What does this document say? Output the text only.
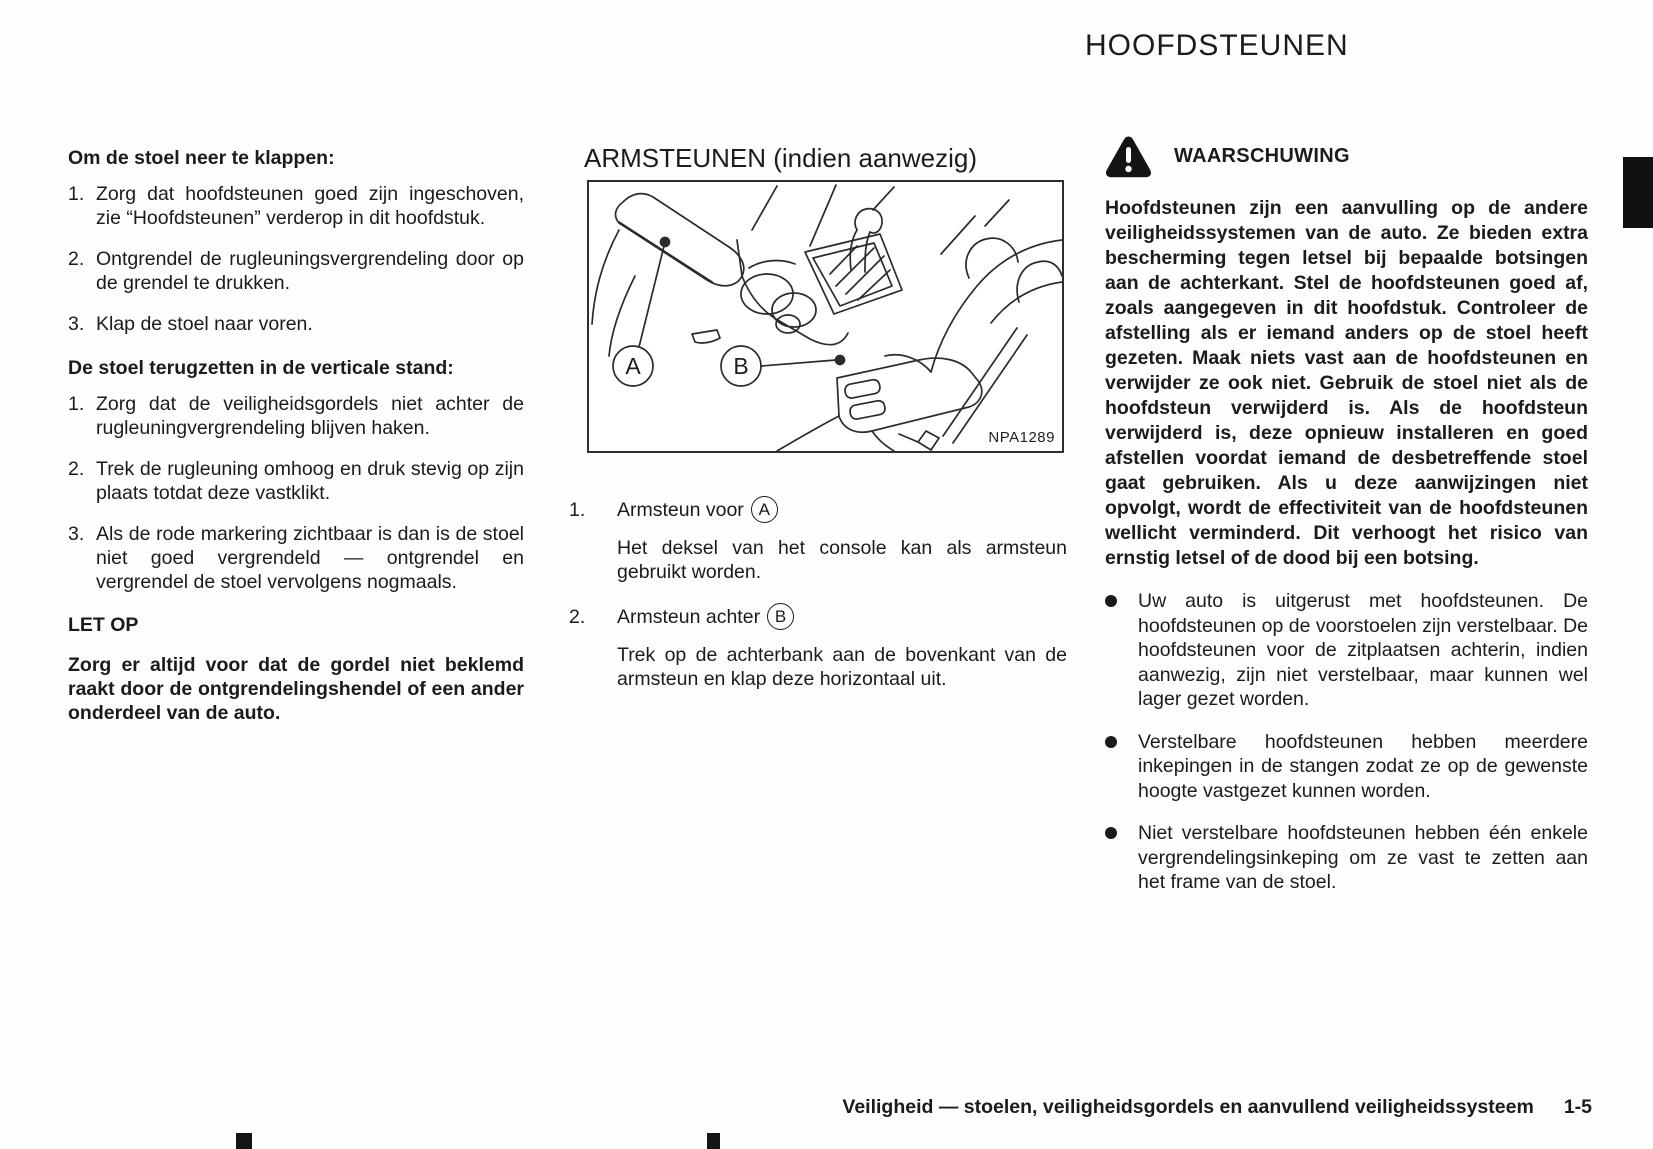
HOOFDSTEUNEN

Om de stoel neer te klappen:

1. Zorg dat hoofdsteunen goed zijn ingeschoven, zie “Hoofdsteunen” verderop in dit hoofdstuk.
2. Ontgrendel de rugleuningsvergrendeling door op de grendel te drukken.
3. Klap de stoel naar voren.

De stoel terugzetten in de verticale stand:

1. Zorg dat de veiligheidsgordels niet achter de rugleuningvergrendeling blijven haken.
2. Trek de rugleuning omhoog en druk stevig op zijn plaats totdat deze vastklikt.
3. Als de rode markering zichtbaar is dan is de stoel niet goed vergrendeld — ontgrendel en vergrendel de stoel vervolgens nogmaals.

LET OP

Zorg er altijd voor dat de gordel niet beklemd raakt door de ontgrendelingshendel of een ander onderdeel van de auto.

ARMSTEUNEN (indien aanwezig)

A	B
NPA1289
1.	Armsteun voor A

Het deksel van het console kan als armsteun gebruikt worden.

2.	Armsteun achter B

Trek op de achterbank aan de bovenkant van de armsteun en klap deze horizontaal uit.

WAARSCHUWING

Hoofdsteunen zijn een aanvulling op de andere veiligheidssystemen van de auto. Ze bieden extra bescherming tegen letsel bij bepaalde botsingen aan de achterkant. Stel de hoofdsteunen goed af, zoals aangegeven in dit hoofdstuk. Controleer de afstelling als er iemand anders op de stoel heeft gezeten. Maak niets vast aan de hoofdsteunen en verwijder ze ook niet. Gebruik de stoel niet als de hoofdsteun verwijderd is. Als de hoofdsteun verwijderd is, deze opnieuw installeren en goed afstellen voordat iemand de desbetreffende stoel gaat gebruiken. Als u deze aanwijzingen niet opvolgt, wordt de effectiviteit van de hoofdsteunen wellicht verminderd. Dit verhoogt het risico van ernstig letsel of de dood bij een botsing.

Uw auto is uitgerust met hoofdsteunen. De hoofdsteunen op de voorstoelen zijn verstelbaar. De hoofdsteunen voor de zitplaatsen achterin, indien aanwezig, zijn niet verstelbaar, maar kunnen wel lager gezet worden.
Verstelbare hoofdsteunen hebben meerdere inkepingen in de stangen zodat ze op de gewenste hoogte vastgezet kunnen worden.
Niet verstelbare hoofdsteunen hebben één enkele vergrendelingsinkeping om ze vast te zetten aan het frame van de stoel.
Veiligheid — stoelen, veiligheidsgordels en aanvullend veiligheidssysteem 1-5
